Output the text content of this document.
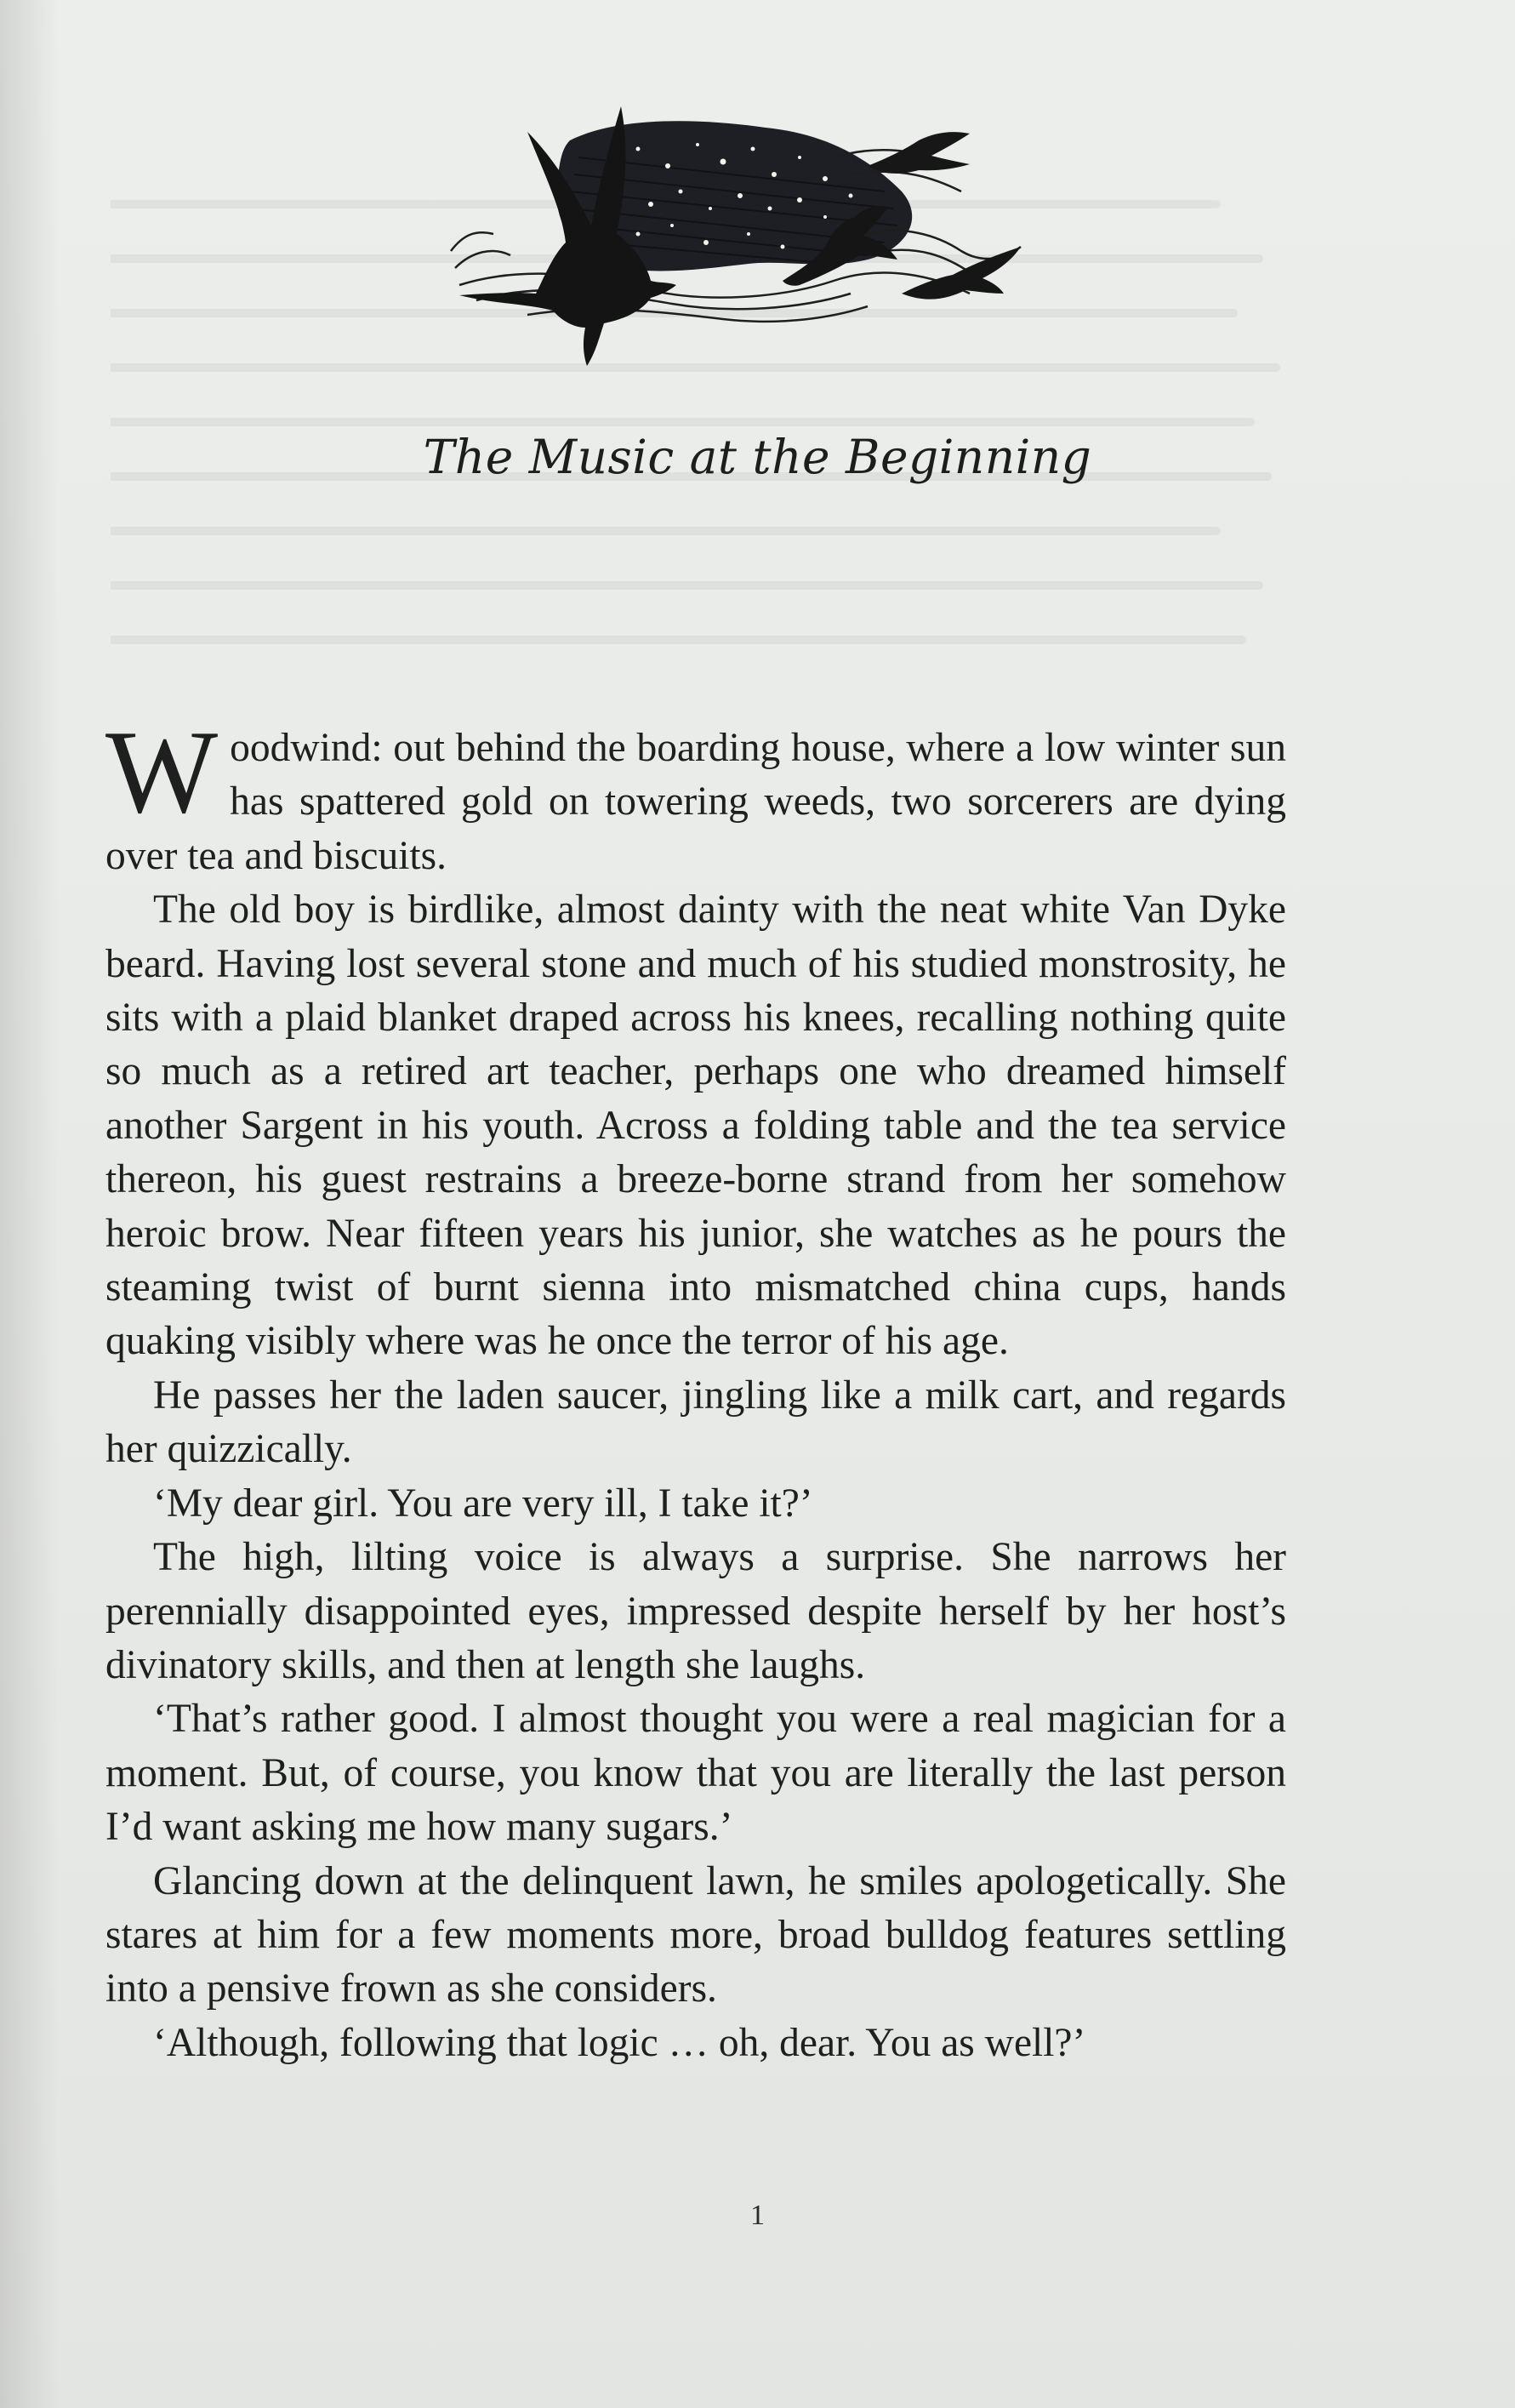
The Music at the Beginning

Woodwind: out behind the boarding house, where a low winter sun has spattered gold on towering weeds, two sorcerers are dying over tea and biscuits.

The old boy is birdlike, almost dainty with the neat white Van Dyke beard. Having lost several stone and much of his studied monstrosity, he sits with a plaid blanket draped across his knees, recalling nothing quite so much as a retired art teacher, perhaps one who dreamed himself another Sargent in his youth. Across a folding table and the tea service thereon, his guest restrains a breeze-borne strand from her somehow heroic brow. Near fifteen years his junior, she watches as he pours the steaming twist of burnt sienna into mismatched china cups, hands quaking visibly where was he once the terror of his age.

He passes her the laden saucer, jingling like a milk cart, and regards her quizzically.

‘My dear girl. You are very ill, I take it?’

The high, lilting voice is always a surprise. She narrows her perennially disappointed eyes, impressed despite herself by her host’s divinatory skills, and then at length she laughs.

‘That’s rather good. I almost thought you were a real magician for a moment. But, of course, you know that you are literally the last person I’d want asking me how many sugars.’

Glancing down at the delinquent lawn, he smiles apologetically. She stares at him for a few moments more, broad bulldog features settling into a pensive frown as she considers.

‘Although, following that logic … oh, dear. You as well?’

1
